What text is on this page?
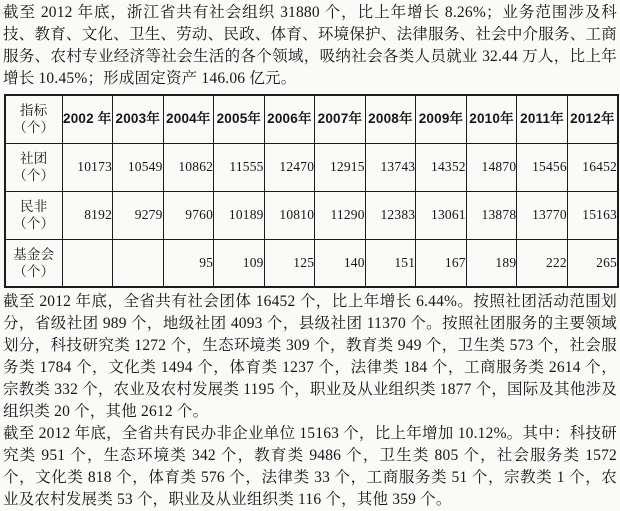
截至 2012 年底，浙江省共有社会组织 31880 个，比上年增长 8.26%；业务范围涉及科技、教育、文化、卫生、劳动、民政、体育、环境保护、法律服务、社会中介服务、工商服务、农村专业经济等社会生活的各个领域，吸纳社会各类人员就业 32.44 万人，比上年增长 10.45%；形成固定资产 146.06 亿元。

指标
（个）	2002 年	2003年	2004年	2005年	2006年	2007年	2008年	2009年	2010年	2011年	2012年

社团
（个）	10173	10549	10862	11555	12470	12915	13743	14352	14870	15456	16452

民非
（个）	8192	9279	9760	10189	10810	11290	12383	13061	13878	13770	15163

基金会
（个）			95	109	125	140	151	167	189	222	265

截至 2012 年底，全省共有社会团体 16452 个，比上年增长 6.44%。按照社团活动范围划分，省级社团 989 个，地级社团 4093 个，县级社团 11370 个。按照社团服务的主要领域划分，科技研究类 1272 个，生态环境类 309 个，教育类 949 个，卫生类 573 个，社会服务类 1784 个，文化类 1494 个，体育类 1237 个，法律类 184 个，工商服务类 2614 个，宗教类 332 个，农业及农村发展类 1195 个，职业及从业组织类 1877 个，国际及其他涉及组织类 20 个，其他 2612 个。

截至 2012 年底，全省共有民办非企业单位 15163 个，比上年增加 10.12%。其中：科技研究类 951 个，生态环境类 342 个，教育类 9486 个，卫生类 805 个，社会服务类 1572 个，文化类 818 个，体育类 576 个，法律类 33 个，工商服务类 51 个，宗教类 1 个，农业及农村发展类 53 个，职业及从业组织类 116 个，其他 359 个。
